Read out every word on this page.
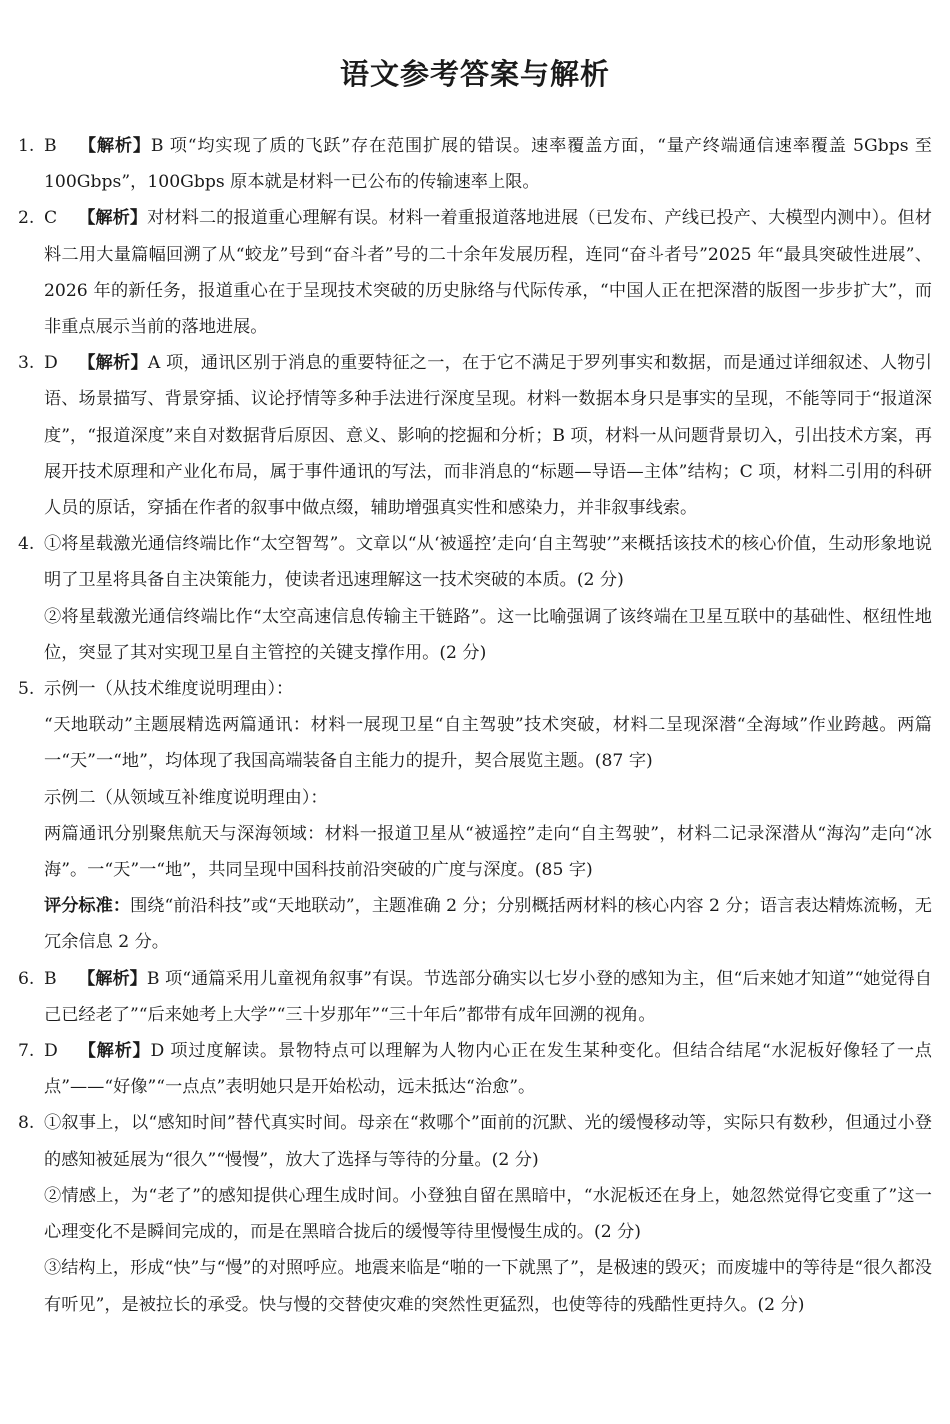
语文参考答案与解析
1. B 【解析】B 项“均实现了质的飞跃”存在范围扩展的错误。速率覆盖方面，“量产终端通信速率覆盖 5Gbps 至 100Gbps”，100Gbps 原本就是材料一已公布的传输速率上限。

2. C 【解析】对材料二的报道重心理解有误。材料一着重报道落地进展（已发布、产线已投产、大模型内测中）。但材料二用大量篇幅回溯了从“蛟龙”号到“奋斗者”号的二十余年发展历程，连同“奋斗者号”2025 年“最具突破性进展”、2026 年的新任务，报道重心在于呈现技术突破的历史脉络与代际传承，“中国人正在把深潜的版图一步步扩大”，而非重点展示当前的落地进展。

3. D 【解析】A 项，通讯区别于消息的重要特征之一，在于它不满足于罗列事实和数据，而是通过详细叙述、人物引语、场景描写、背景穿插、议论抒情等多种手法进行深度呈现。材料一数据本身只是事实的呈现，不能等同于“报道深度”，“报道深度”来自对数据背后原因、意义、影响的挖掘和分析；B 项，材料一从问题背景切入，引出技术方案，再展开技术原理和产业化布局，属于事件通讯的写法，而非消息的“标题—导语—主体”结构；C 项，材料二引用的科研人员的原话，穿插在作者的叙事中做点缀，辅助增强真实性和感染力，并非叙事线索。

4. ①将星载激光通信终端比作“太空智驾”。文章以“从‘被遥控’走向‘自主驾驶’”来概括该技术的核心价值，生动形象地说明了卫星将具备自主决策能力，使读者迅速理解这一技术突破的本质。(2 分)

②将星载激光通信终端比作“太空高速信息传输主干链路”。这一比喻强调了该终端在卫星互联中的基础性、枢纽性地位，突显了其对实现卫星自主管控的关键支撑作用。(2 分)

5. 示例一（从技术维度说明理由）：

“天地联动”主题展精选两篇通讯：材料一展现卫星“自主驾驶”技术突破，材料二呈现深潜“全海域”作业跨越。两篇一“天”一“地”，均体现了我国高端装备自主能力的提升，契合展览主题。(87 字)

示例二（从领域互补维度说明理由）：

两篇通讯分别聚焦航天与深海领域：材料一报道卫星从“被遥控”走向“自主驾驶”，材料二记录深潜从“海沟”走向“冰海”。一“天”一“地”，共同呈现中国科技前沿突破的广度与深度。(85 字)

评分标准：围绕“前沿科技”或“天地联动”，主题准确 2 分；分别概括两材料的核心内容 2 分；语言表达精炼流畅，无冗余信息 2 分。

6. B 【解析】B 项“通篇采用儿童视角叙事”有误。节选部分确实以七岁小登的感知为主，但“后来她才知道”“她觉得自己已经老了”“后来她考上大学”“三十岁那年”“三十年后”都带有成年回溯的视角。

7. D 【解析】D 项过度解读。景物特点可以理解为人物内心正在发生某种变化。但结合结尾“水泥板好像轻了一点点”——“好像”“一点点”表明她只是开始松动，远未抵达“治愈”。

8. ①叙事上，以“感知时间”替代真实时间。母亲在“救哪个”面前的沉默、光的缓慢移动等，实际只有数秒，但通过小登的感知被延展为“很久”“慢慢”，放大了选择与等待的分量。(2 分)

②情感上，为“老了”的感知提供心理生成时间。小登独自留在黑暗中，“水泥板还在身上，她忽然觉得它变重了”这一心理变化不是瞬间完成的，而是在黑暗合拢后的缓慢等待里慢慢生成的。(2 分)

③结构上，形成“快”与“慢”的对照呼应。地震来临是“啪的一下就黑了”，是极速的毁灭；而废墟中的等待是“很久都没有听见”，是被拉长的承受。快与慢的交替使灾难的突然性更猛烈，也使等待的残酷性更持久。(2 分)
